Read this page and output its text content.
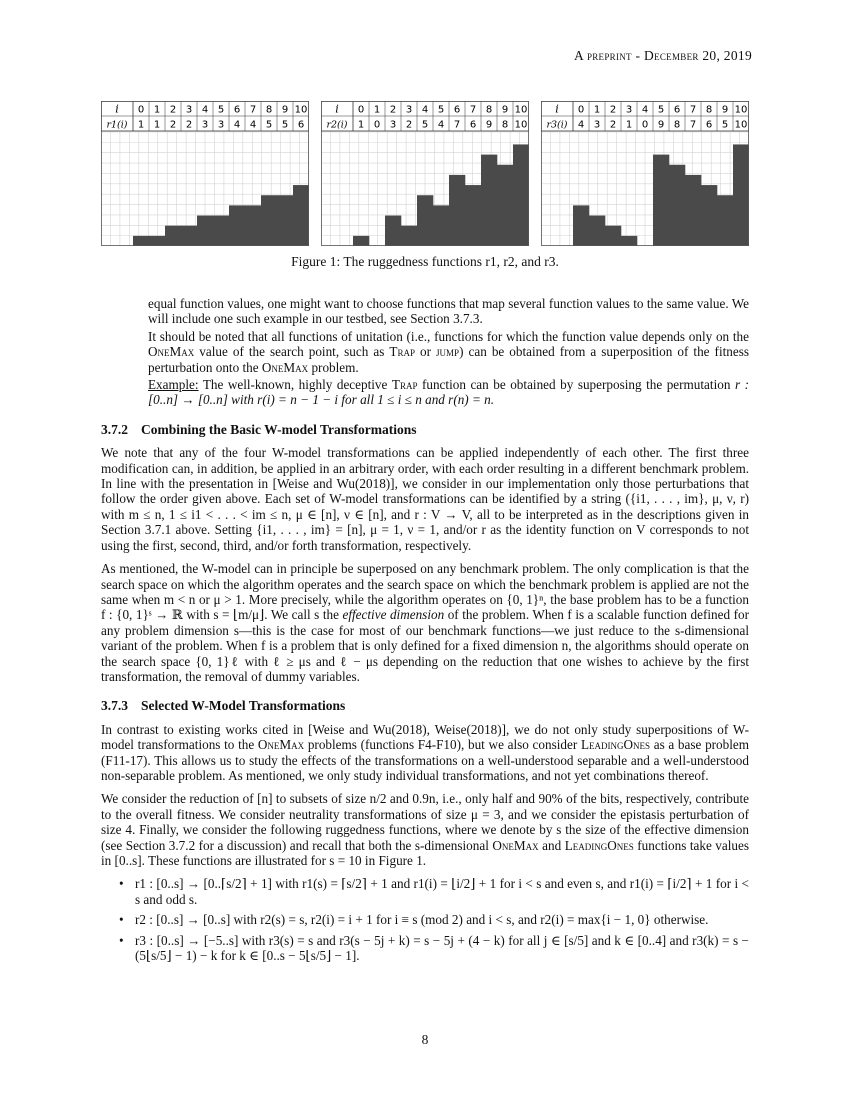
A preprint - December 20, 2019
i
r1(i)
0
1
1
1
2
2
3
2
4
3
5
3
6
4
7
4
8
5
9
5
10
6
i
r2(i)
0
1
1
0
2
3
3
2
4
5
5
4
6
7
7
6
8
9
9
8
10
10
i
r3(i)
0
4
1
3
2
2
3
1
4
0
5
9
6
8
7
7
8
6
9
5
10
10
Figure 1: The ruggedness functions r1, r2, and r3.

equal function values, one might want to choose functions that map several function values to the same value. We will include one such example in our testbed, see Section 3.7.3.

It should be noted that all functions of unitation (i.e., functions for which the function value depends only on the OneMax value of the search point, such as Trap or jump) can be obtained from a superposition of the fitness perturbation onto the OneMax problem.

Example: The well-known, highly deceptive Trap function can be obtained by superposing the permutation r : [0..n] → [0..n] with r(i) = n − 1 − i for all 1 ≤ i ≤ n and r(n) = n.

3.7.2 Combining the Basic W-model Transformations

We note that any of the four W-model transformations can be applied independently of each other. The first three modification can, in addition, be applied in an arbitrary order, with each order resulting in a different benchmark problem. In line with the presentation in [Weise and Wu(2018)], we consider in our implementation only those perturbations that follow the order given above. Each set of W-model transformations can be identified by a string ({i1, . . . , im}, μ, ν, r) with m ≤ n, 1 ≤ i1 < . . . < im ≤ n, μ ∈ [n], ν ∈ [n], and r : V → V, all to be interpreted as in the descriptions given in Section 3.7.1 above. Setting {i1, . . . , im} = [n], μ = 1, ν = 1, and/or r as the identity function on V corresponds to not using the first, second, third, and/or forth transformation, respectively.

As mentioned, the W-model can in principle be superposed on any benchmark problem. The only complication is that the search space on which the algorithm operates and the search space on which the benchmark problem is applied are not the same when m < n or μ > 1. More precisely, while the algorithm operates on {0, 1}ⁿ, the base problem has to be a function f : {0, 1}ˢ → ℝ with s = ⌊m/μ⌋. We call s the effective dimension of the problem. When f is a scalable function defined for any problem dimension s—this is the case for most of our benchmark functions—we just reduce to the s-dimensional variant of the problem. When f is a problem that is only defined for a fixed dimension n, the algorithms should operate on the search space {0, 1}ℓ with ℓ ≥ μs and ℓ − μs depending on the reduction that one wishes to achieve by the first transformation, the removal of dummy variables.

3.7.3 Selected W-Model Transformations

In contrast to existing works cited in [Weise and Wu(2018), Weise(2018)], we do not only study superpositions of W-model transformations to the OneMax problems (functions F4-F10), but we also consider LeadingOnes as a base problem (F11-17). This allows us to study the effects of the transformations on a well-understood separable and a well-understood non-separable problem. As mentioned, we only study individual transformations, and not yet combinations thereof.

We consider the reduction of [n] to subsets of size n/2 and 0.9n, i.e., only half and 90% of the bits, respectively, contribute to the overall fitness. We consider neutrality transformations of size μ = 3, and we consider the epistasis perturbation of size 4. Finally, we consider the following ruggedness functions, where we denote by s the size of the effective dimension (see Section 3.7.2 for a discussion) and recall that both the s-dimensional OneMax and LeadingOnes functions take values in [0..s]. These functions are illustrated for s = 10 in Figure 1.

• r1 : [0..s] → [0..⌈s/2⌉ + 1] with r1(s) = ⌈s/2⌉ + 1 and r1(i) = ⌊i/2⌋ + 1 for i < s and even s, and r1(i) = ⌈i/2⌉ + 1 for i < s and odd s.
• r2 : [0..s] → [0..s] with r2(s) = s, r2(i) = i + 1 for i ≡ s (mod 2) and i < s, and r2(i) = max{i − 1, 0} otherwise.
• r3 : [0..s] → [−5..s] with r3(s) = s and r3(s − 5j + k) = s − 5j + (4 − k) for all j ∈ [s/5] and k ∈ [0..4] and r3(k) = s − (5⌊s/5⌋ − 1) − k for k ∈ [0..s − 5⌊s/5⌋ − 1].
8
